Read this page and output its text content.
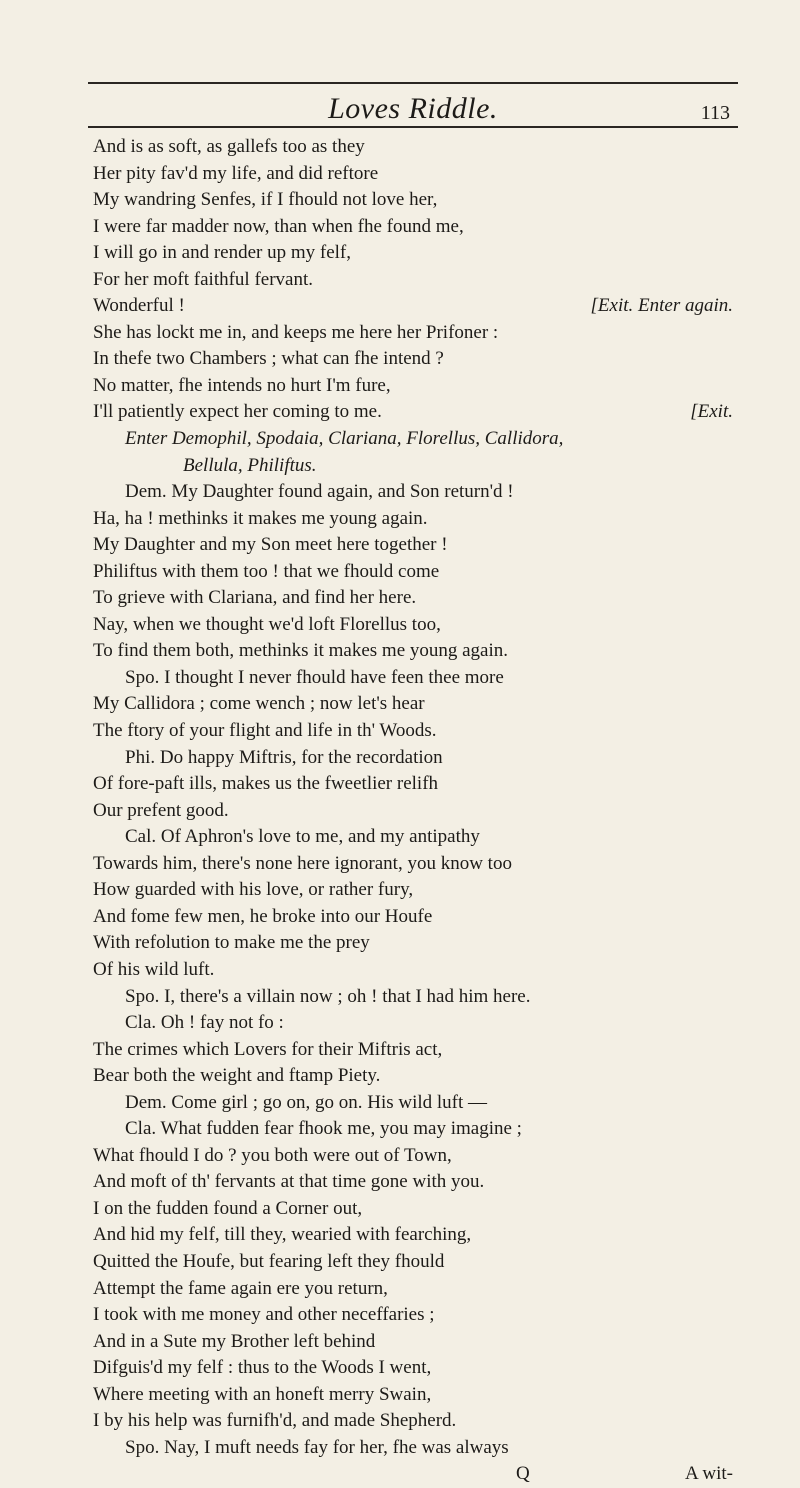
Loves Riddle.	113
And is as soft, as gallefs too as they
Her pity fav'd my life, and did reftore
My wandring Senfes, if I fhould not love her,
I were far madder now, than when fhe found me,
I will go in and render up my felf,
For her moft faithful fervant.
Wonderful !	[Exit. Enter again.
She has lockt me in, and keeps me here her Prifoner :
In thefe two Chambers ; what can fhe intend ?
No matter, fhe intends no hurt I'm fure,
I'll patiently expect her coming to me.	[Exit.
Enter Demophil, Spodaia, Clariana, Florellus, Callidora,
Bellula, Philiftus.
Dem. My Daughter found again, and Son return'd !
Ha, ha ! methinks it makes me young again.
My Daughter and my Son meet here together !
Philiftus with them too ! that we fhould come
To grieve with Clariana, and find her here.
Nay, when we thought we'd loft Florellus too,
To find them both, methinks it makes me young again.
Spo. I thought I never fhould have feen thee more
My Callidora ; come wench ; now let's hear
The ftory of your flight and life in th' Woods.
Phi. Do happy Miftris, for the recordation
Of fore-paft ills, makes us the fweetlier relifh
Our prefent good.
Cal. Of Aphron's love to me, and my antipathy
Towards him, there's none here ignorant, you know too
How guarded with his love, or rather fury,
And fome few men, he broke into our Houfe
With refolution to make me the prey
Of his wild luft.
Spo. I, there's a villain now ; oh ! that I had him here.
Cla. Oh ! fay not fo :
The crimes which Lovers for their Miftris act,
Bear both the weight and ftamp Piety.
Dem. Come girl ; go on, go on. His wild luft —
Cla. What fudden fear fhook me, you may imagine ;
What fhould I do ? you both were out of Town,
And moft of th' fervants at that time gone with you.
I on the fudden found a Corner out,
And hid my felf, till they, wearied with fearching,
Quitted the Houfe, but fearing left they fhould
Attempt the fame again ere you return,
I took with me money and other neceffaries ;
And in a Sute my Brother left behind
Difguis'd my felf : thus to the Woods I went,
Where meeting with an honeft merry Swain,
I by his help was furnifh'd, and made Shepherd.
Spo. Nay, I muft needs fay for her, fhe was always
Q	A wit-
